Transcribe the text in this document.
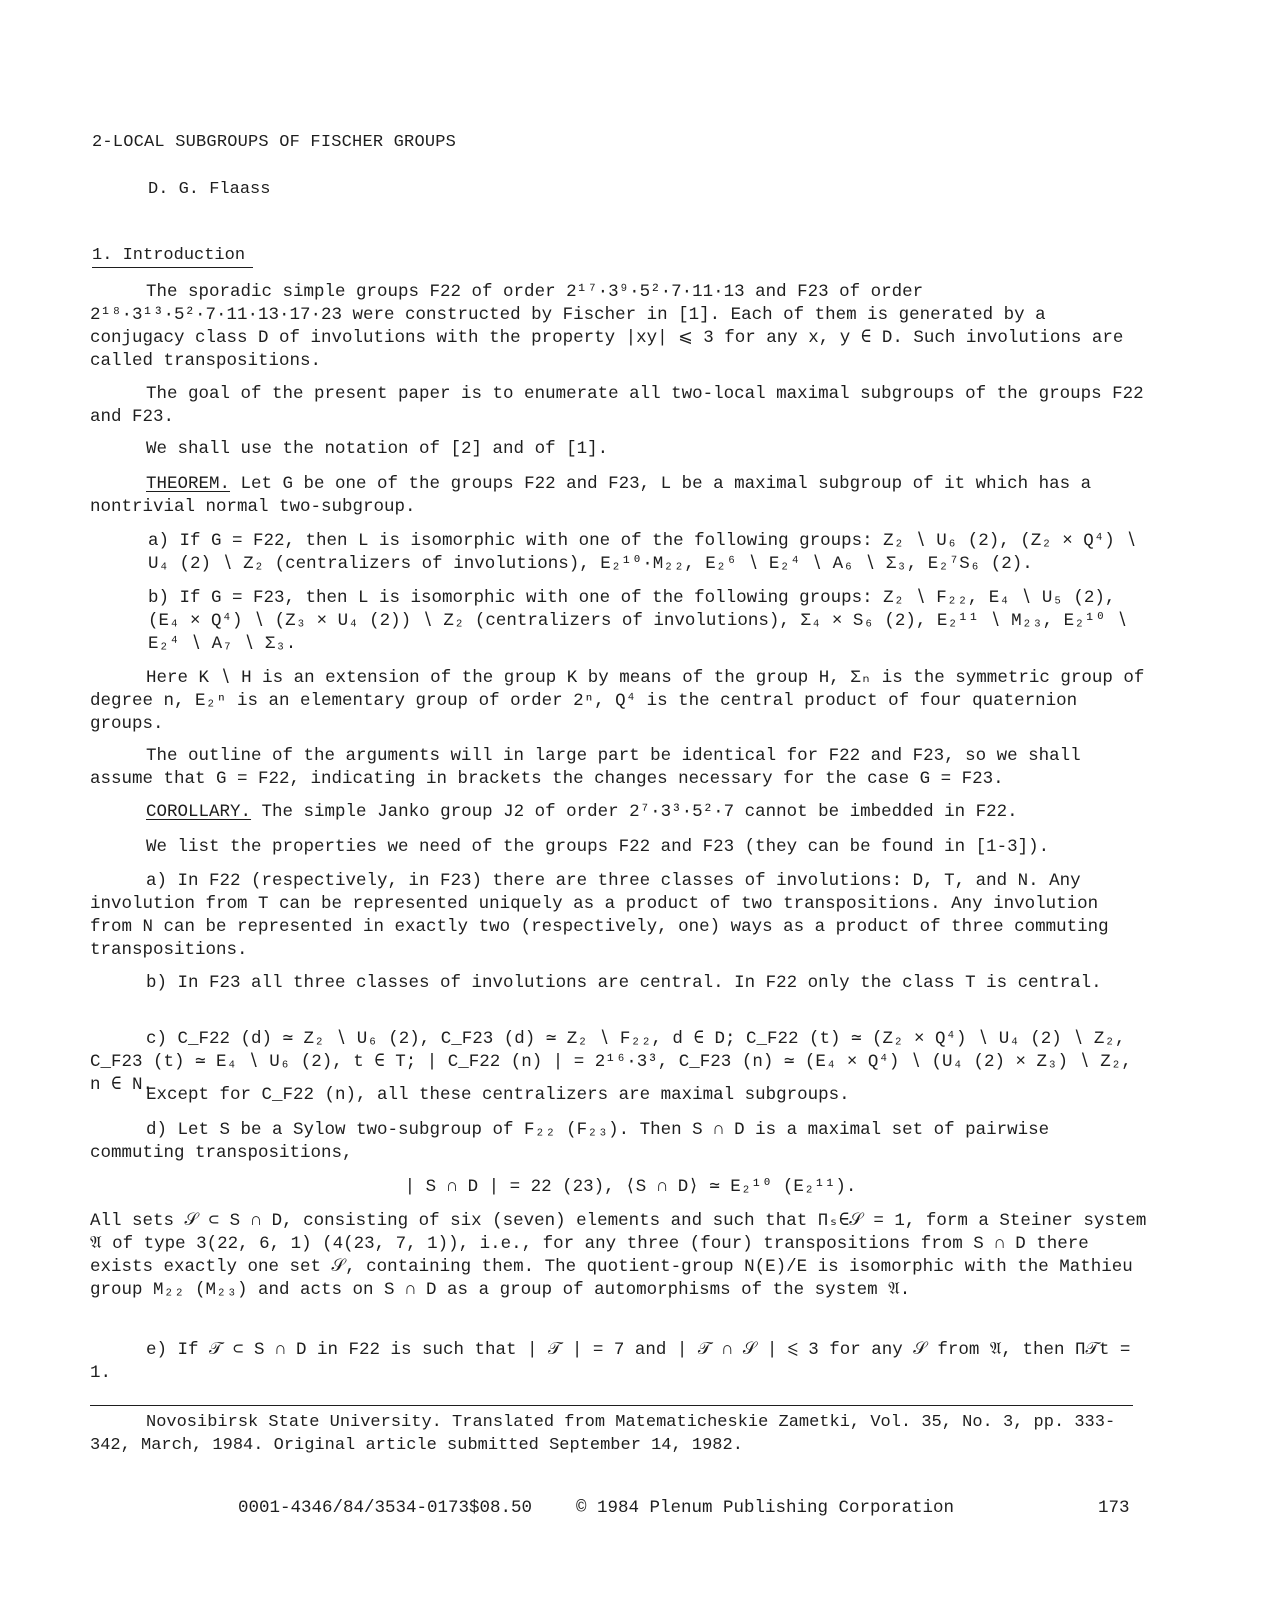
2-LOCAL SUBGROUPS OF FISCHER GROUPS
D. G. Flaass
1. Introduction
The sporadic simple groups F22 of order 2¹⁷·3⁹·5²·7·11·13 and F23 of order 2¹⁸·3¹³·5²·7·11·13·17·23 were constructed by Fischer in [1]. Each of them is generated by a conjugacy class D of involutions with the property |xy| ⩽ 3 for any x, y ∈ D. Such involutions are called transpositions.
The goal of the present paper is to enumerate all two-local maximal subgroups of the groups F22 and F23.
We shall use the notation of [2] and of [1].
THEOREM. Let G be one of the groups F22 and F23, L be a maximal subgroup of it which has a nontrivial normal two-subgroup.
a) If G = F22, then L is isomorphic with one of the following groups: Z₂ ∖ U₆ (2), (Z₂ × Q⁴) ∖ U₄ (2) ∖ Z₂ (centralizers of involutions), E₂¹⁰·M₂₂, E₂⁶ ∖ E₂⁴ ∖ A₆ ∖ Σ₃, E₂⁷S₆ (2).
b) If G = F23, then L is isomorphic with one of the following groups: Z₂ ∖ F₂₂, E₄ ∖ U₅ (2), (E₄ × Q⁴) ∖ (Z₃ × U₄ (2)) ∖ Z₂ (centralizers of involutions), Σ₄ × S₆ (2), E₂¹¹ ∖ M₂₃, E₂¹⁰ ∖ E₂⁴ ∖ A₇ ∖ Σ₃.
Here K ∖ H is an extension of the group K by means of the group H, Σₙ is the symmetric group of degree n, E₂ⁿ is an elementary group of order 2ⁿ, Q⁴ is the central product of four quaternion groups.
The outline of the arguments will in large part be identical for F22 and F23, so we shall assume that G = F22, indicating in brackets the changes necessary for the case G = F23.
COROLLARY. The simple Janko group J2 of order 2⁷·3³·5²·7 cannot be imbedded in F22.
We list the properties we need of the groups F22 and F23 (they can be found in [1-3]).
a) In F22 (respectively, in F23) there are three classes of involutions: D, T, and N. Any involution from T can be represented uniquely as a product of two transpositions. Any involution from N can be represented in exactly two (respectively, one) ways as a product of three commuting transpositions.
b) In F23 all three classes of involutions are central. In F22 only the class T is central.
c) C_F22 (d) ≃ Z₂ ∖ U₆ (2), C_F23 (d) ≃ Z₂ ∖ F₂₂, d ∈ D; C_F22 (t) ≃ (Z₂ × Q⁴) ∖ U₄ (2) ∖ Z₂, C_F23 (t) ≃ E₄ ∖ U₆ (2), t ∈ T; | C_F22 (n) | = 2¹⁶·3³, C_F23 (n) ≃ (E₄ × Q⁴) ∖ (U₄ (2) × Z₃) ∖ Z₂, n ∈ N.
Except for C_F22 (n), all these centralizers are maximal subgroups.
d) Let S be a Sylow two-subgroup of F₂₂ (F₂₃). Then S ∩ D is a maximal set of pairwise commuting transpositions,
| S ∩ D | = 22 (23), ⟨S ∩ D⟩ ≃ E₂¹⁰ (E₂¹¹).
All sets 𝒮 ⊂ S ∩ D, consisting of six (seven) elements and such that Πₛ∈𝒮 = 1, form a Steiner system 𝔄 of type 3(22, 6, 1) (4(23, 7, 1)), i.e., for any three (four) transpositions from S ∩ D there exists exactly one set 𝒮, containing them. The quotient-group N(E)/E is isomorphic with the Mathieu group M₂₂ (M₂₃) and acts on S ∩ D as a group of automorphisms of the system 𝔄.
e) If 𝒯 ⊂ S ∩ D in F22 is such that | 𝒯 | = 7 and | 𝒯 ∩ 𝒮 | ⩽ 3 for any 𝒮 from 𝔄, then Π𝒯t = 1.
Novosibirsk State University. Translated from Matematicheskie Zametki, Vol. 35, No. 3, pp. 333-342, March, 1984. Original article submitted September 14, 1982.
0001-4346/84/3534-0173$08.50	© 1984 Plenum Publishing Corporation	173
